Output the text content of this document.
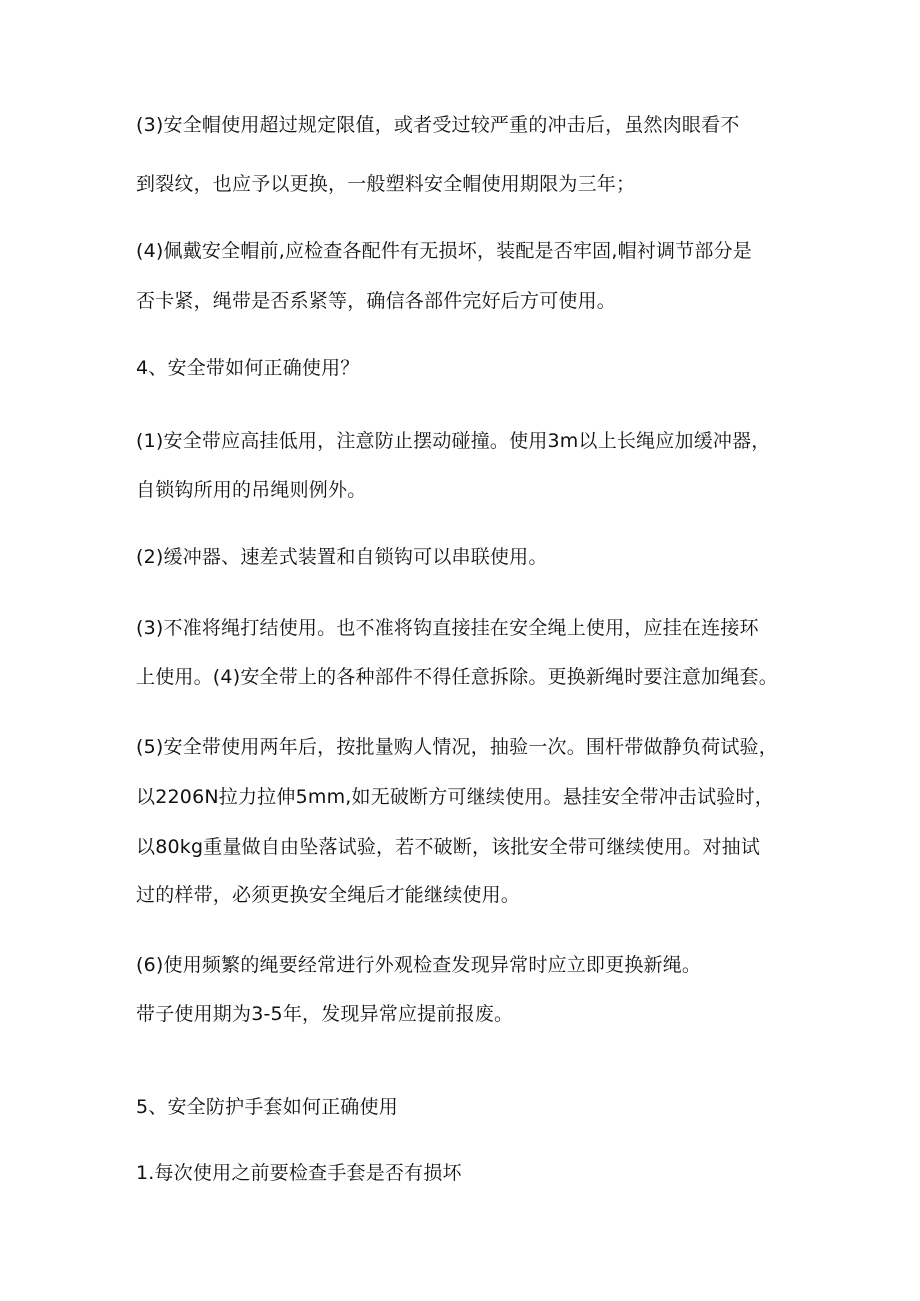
(3)安全帽使用超过规定限值，或者受过较严重的冲击后，虽然肉眼看不

到裂纹，也应予以更换，一般塑料安全帽使用期限为三年；

(4)佩戴安全帽前,应检查各配件有无损坏，装配是否牢固,帽衬调节部分是

否卡紧，绳带是否系紧等，确信各部件完好后方可使用。

4、安全带如何正确使用？

(1)安全带应高挂低用，注意防止摆动碰撞。使用3m以上长绳应加缓冲器，

自锁钩所用的吊绳则例外。

(2)缓冲器、速差式装置和自锁钩可以串联使用。

(3)不准将绳打结使用。也不准将钩直接挂在安全绳上使用，应挂在连接环

上使用。(4)安全带上的各种部件不得任意拆除。更换新绳时要注意加绳套。

(5)安全带使用两年后，按批量购人情况，抽验一次。围杆带做静负荷试验，

以2206N拉力拉伸5mm,如无破断方可继续使用。悬挂安全带冲击试验时，

以80kg重量做自由坠落试验，若不破断，该批安全带可继续使用。对抽试

过的样带，必须更换安全绳后才能继续使用。

(6)使用频繁的绳要经常进行外观检查发现异常时应立即更换新绳。

带子使用期为3-5年，发现异常应提前报废。

5、安全防护手套如何正确使用

1.每次使用之前要检查手套是否有损坏
